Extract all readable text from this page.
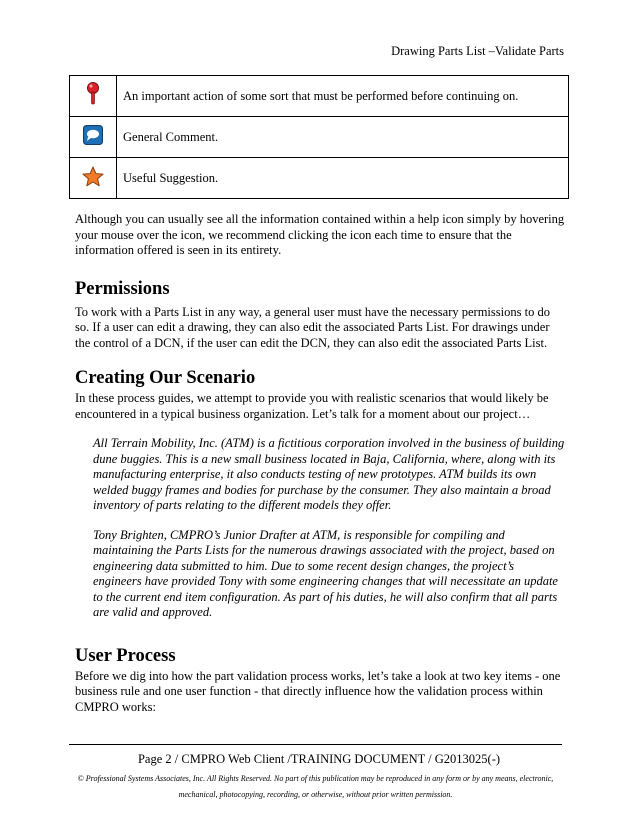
Drawing Parts List –Validate Parts
	An important action of some sort that must be performed before continuing on.
	General Comment.
	Useful Suggestion.

Although you can usually see all the information contained within a help icon simply by hovering your mouse over the icon, we recommend clicking the icon each time to ensure that the information offered is seen in its entirety.

Permissions

To work with a Parts List in any way, a general user must have the necessary permissions to do so. If a user can edit a drawing, they can also edit the associated Parts List. For drawings under the control of a DCN, if the user can edit the DCN, they can also edit the associated Parts List.

Creating Our Scenario

In these process guides, we attempt to provide you with realistic scenarios that would likely be encountered in a typical business organization. Let’s talk for a moment about our project…

All Terrain Mobility, Inc. (ATM) is a fictitious corporation involved in the business of building dune buggies. This is a new small business located in Baja, California, where, along with its manufacturing enterprise, it also conducts testing of new prototypes. ATM builds its own welded buggy frames and bodies for purchase by the consumer. They also maintain a broad inventory of parts relating to the different models they offer.

Tony Brighten, CMPRO’s Junior Drafter at ATM, is responsible for compiling and maintaining the Parts Lists for the numerous drawings associated with the project, based on engineering data submitted to him. Due to some recent design changes, the project’s engineers have provided Tony with some engineering changes that will necessitate an update to the current end item configuration. As part of his duties, he will also confirm that all parts are valid and approved.

User Process

Before we dig into how the part validation process works, let’s take a look at two key items - one business rule and one user function - that directly influence how the validation process within CMPRO works:

Page 2 / CMPRO Web Client /TRAINING DOCUMENT / G2013025(-)
© Professional Systems Associates, Inc. All Rights Reserved. No part of this publication may be reproduced in any form or by any means, electronic, mechanical, photocopying, recording, or otherwise, without prior written permission.
